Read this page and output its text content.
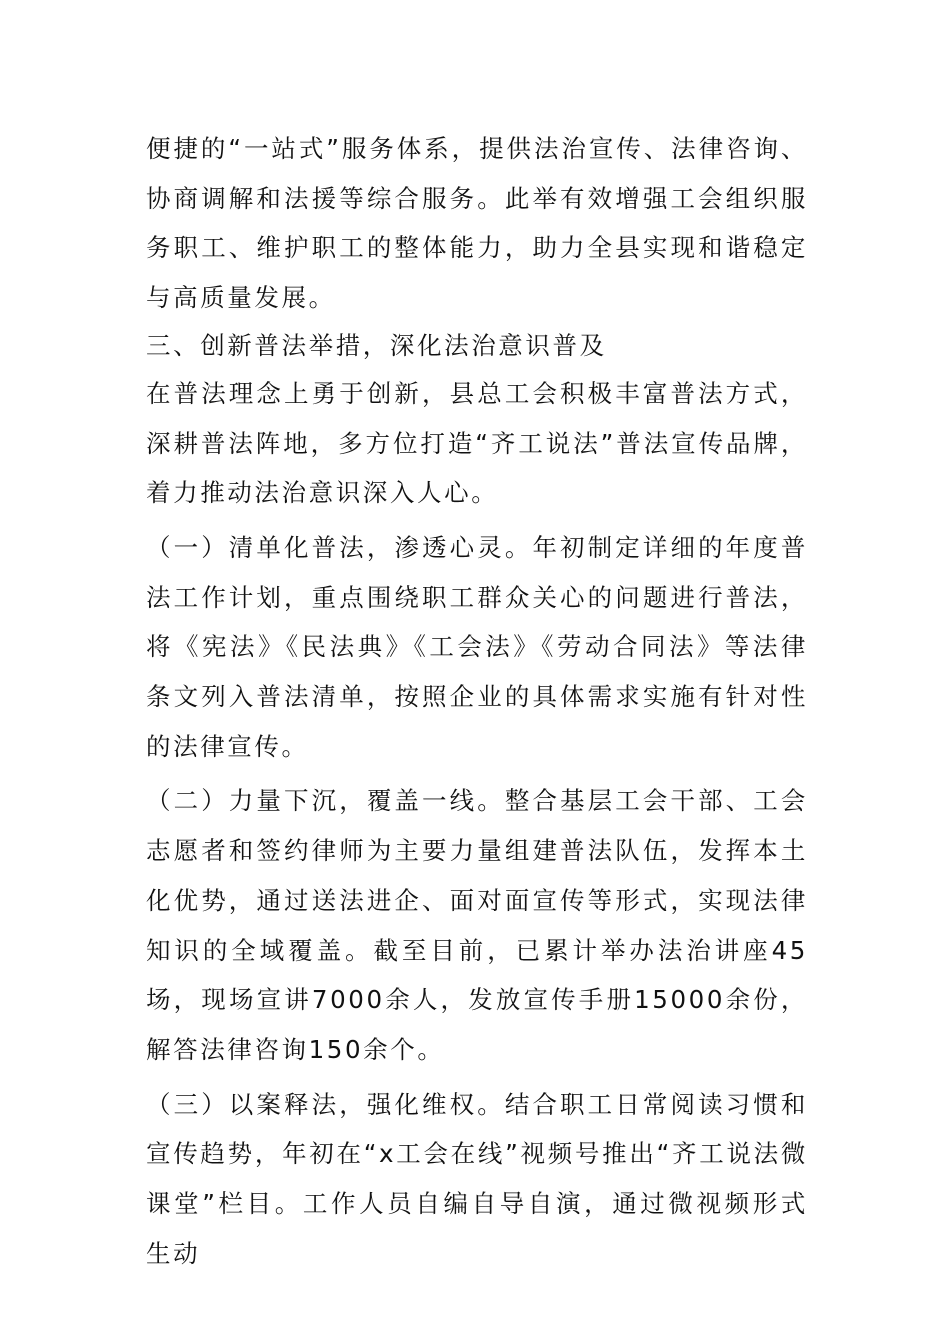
便捷的“一站式”服务体系，提供法治宣传、法律咨询、协商调解和法援等综合服务。此举有效增强工会组织服务职工、维护职工的整体能力，助力全县实现和谐稳定与高质量发展。

三、创新普法举措，深化法治意识普及

在普法理念上勇于创新，县总工会积极丰富普法方式，深耕普法阵地，多方位打造“齐工说法”普法宣传品牌，着力推动法治意识深入人心。

（一）清单化普法，渗透心灵。年初制定详细的年度普法工作计划，重点围绕职工群众关心的问题进行普法，将《宪法》《民法典》《工会法》《劳动合同法》等法律条文列入普法清单，按照企业的具体需求实施有针对性的法律宣传。

（二）力量下沉，覆盖一线。整合基层工会干部、工会志愿者和签约律师为主要力量组建普法队伍，发挥本土化优势，通过送法进企、面对面宣传等形式，实现法律知识的全域覆盖。截至目前，已累计举办法治讲座45场，现场宣讲7000余人，发放宣传手册15000余份，解答法律咨询150余个。

（三）以案释法，强化维权。结合职工日常阅读习惯和宣传趋势，年初在“x工会在线”视频号推出“齐工说法微课堂”栏目。工作人员自编自导自演，通过微视频形式生动
